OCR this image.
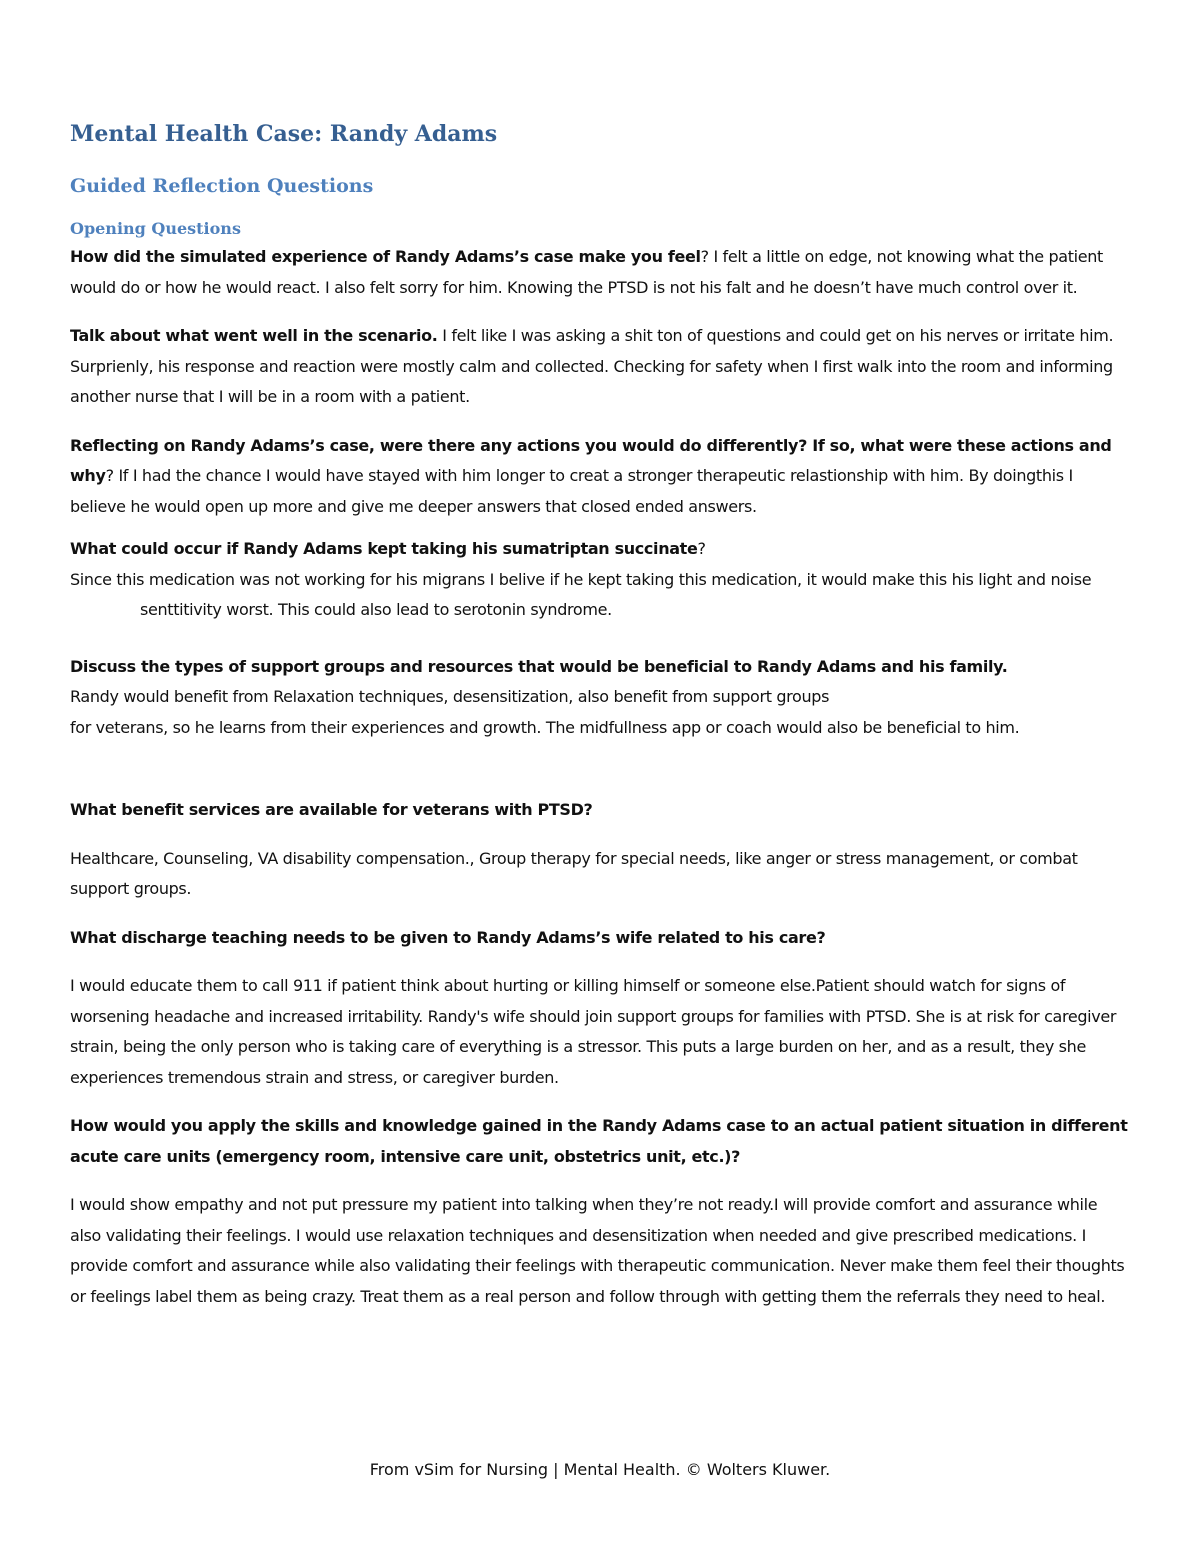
Mental Health Case: Randy Adams
Guided Reflection Questions
Opening Questions

How did the simulated experience of Randy Adams’s case make you feel? I felt a little on edge, not knowing what the patient would do or how he would react. I also felt sorry for him. Knowing the PTSD is not his falt and he doesn’t have much control over it.

Talk about what went well in the scenario. I felt like I was asking a shit ton of questions and could get on his nerves or irritate him. Surprienly, his response and reaction were mostly calm and collected. Checking for safety when I first walk into the room and informing another nurse that I will be in a room with a patient.

Reflecting on Randy Adams’s case, were there any actions you would do differently? If so, what were these actions and why? If I had the chance I would have stayed with him longer to creat a stronger therapeutic relastionship with him. By doingthis I believe he would open up more and give me deeper answers that closed ended answers.

What could occur if Randy Adams kept taking his sumatriptan succinate?

Since this medication was not working for his migrans I belive if he kept taking this medication, it would make this his light and noise senttitivity worst. This could also lead to serotonin syndrome.

Discuss the types of support groups and resources that would be beneficial to Randy Adams and his family.

Randy would benefit from Relaxation techniques, desensitization, also benefit from support groups

for veterans, so he learns from their experiences and growth. The midfullness app or coach would also be beneficial to him.

What benefit services are available for veterans with PTSD?

Healthcare, Counseling, VA disability compensation., Group therapy for special needs, like anger or stress management, or combat support groups.

What discharge teaching needs to be given to Randy Adams’s wife related to his care?

I would educate them to call 911 if patient think about hurting or killing himself or someone else.Patient should watch for signs of worsening headache and increased irritability. Randy's wife should join support groups for families with PTSD. She is at risk for caregiver strain, being the only person who is taking care of everything is a stressor. This puts a large burden on her, and as a result, they she experiences tremendous strain and stress, or caregiver burden.

How would you apply the skills and knowledge gained in the Randy Adams case to an actual patient situation in different acute care units (emergency room, intensive care unit, obstetrics unit, etc.)?

I would show empathy and not put pressure my patient into talking when they’re not ready.I will provide comfort and assurance while also validating their feelings. I would use relaxation techniques and desensitization when needed and give prescribed medications. I provide comfort and assurance while also validating their feelings with therapeutic communication. Never make them feel their thoughts or feelings label them as being crazy. Treat them as a real person and follow through with getting them the referrals they need to heal.

From vSim for Nursing | Mental Health. © Wolters Kluwer.
